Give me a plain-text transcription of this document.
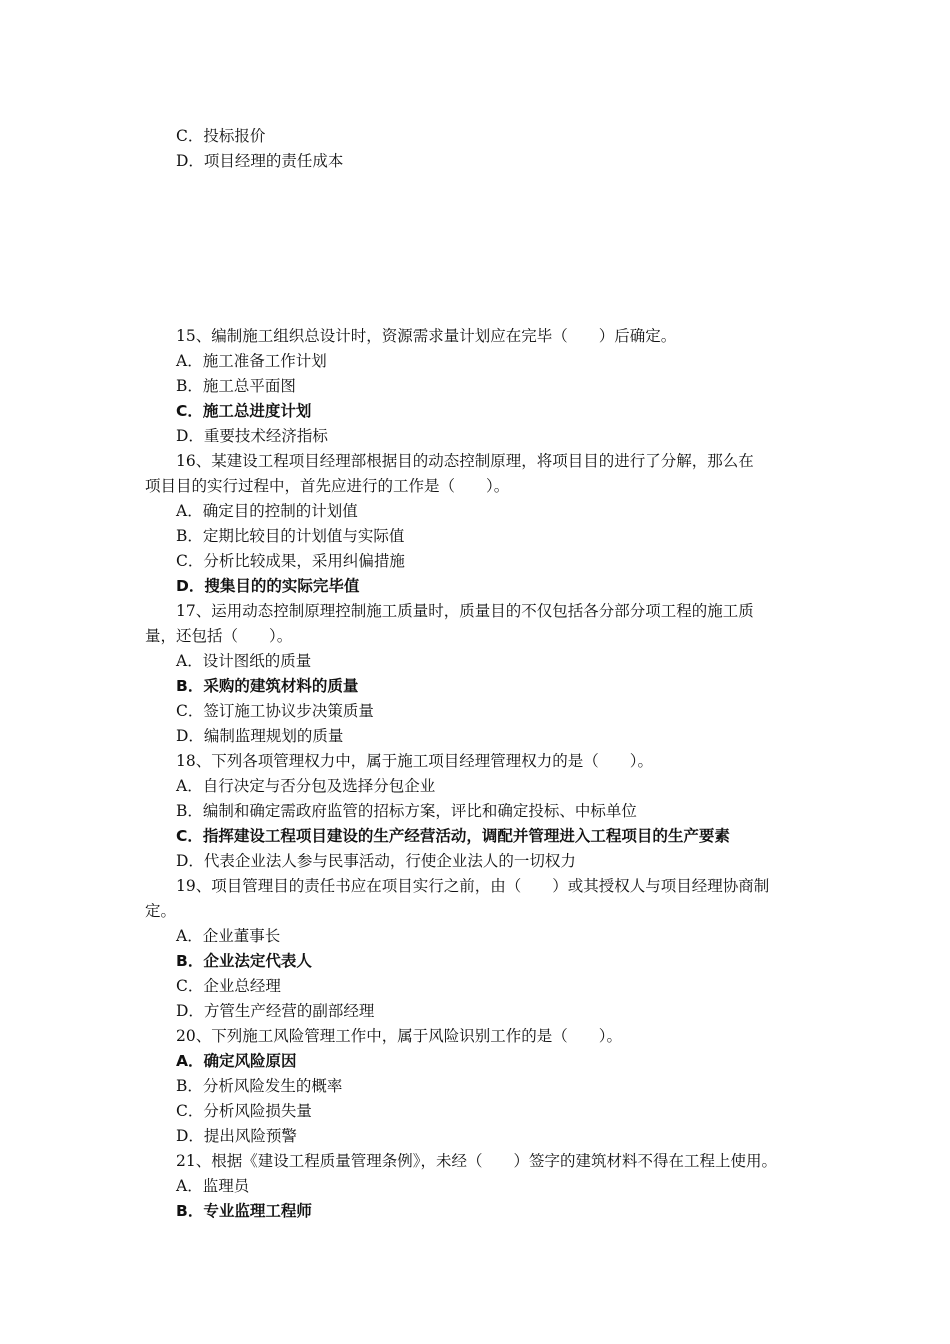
C．投标报价
D．项目经理的责任成本
15、编制施工组织总设计时，资源需求量计划应在完毕（　　）后确定。
A．施工准备工作计划
B．施工总平面图
C．施工总进度计划
D．重要技术经济指标
16、某建设工程项目经理部根据目的动态控制原理，将项目目的进行了分解，那么在
项目目的实行过程中，首先应进行的工作是（　　）。
A．确定目的控制的计划值
B．定期比较目的计划值与实际值
C．分析比较成果，采用纠偏措施
D．搜集目的的实际完毕值
17、运用动态控制原理控制施工质量时，质量目的不仅包括各分部分项工程的施工质
量，还包括（　　）。
A．设计图纸的质量
B．采购的建筑材料的质量
C．签订施工协议步决策质量
D．编制监理规划的质量
18、下列各项管理权力中，属于施工项目经理管理权力的是（　　）。
A．自行决定与否分包及选择分包企业
B．编制和确定需政府监管的招标方案，评比和确定投标、中标单位
C．指挥建设工程项目建设的生产经营活动，调配并管理进入工程项目的生产要素
D．代表企业法人参与民事活动，行使企业法人的一切权力
19、项目管理目的责任书应在项目实行之前，由（　　）或其授权人与项目经理协商制
定。
A．企业董事长
B．企业法定代表人
C．企业总经理
D．方管生产经营的副部经理
20、下列施工风险管理工作中，属于风险识别工作的是（　　）。
A．确定风险原因
B．分析风险发生的概率
C．分析风险损失量
D．提出风险预警
21、根据《建设工程质量管理条例》，未经（　　）签字的建筑材料不得在工程上使用。
A．监理员
B．专业监理工程师
